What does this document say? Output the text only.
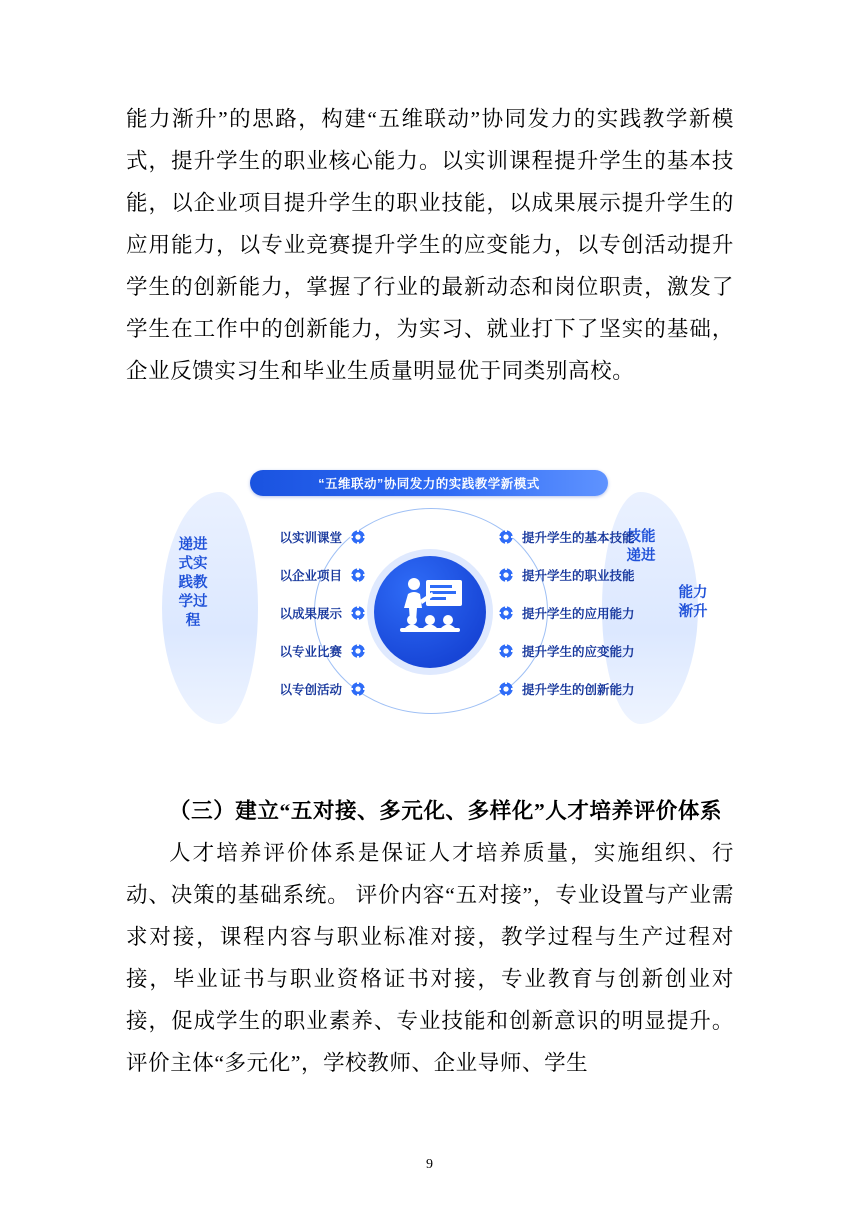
能力渐升”的思路，构建“五维联动”协同发力的实践教学新模式，提升学生的职业核心能力。以实训课程提升学生的基本技能，以企业项目提升学生的职业技能，以成果展示提升学生的应用能力，以专业竞赛提升学生的应变能力，以专创活动提升学生的创新能力，掌握了行业的最新动态和岗位职责，激发了学生在工作中的创新能力，为实习、就业打下了坚实的基础，企业反馈实习生和毕业生质量明显优于同类别高校。

“五维联动”协同发力的实践教学新模式
递进式实践教学过程
技能递进
能力渐升
以实训课堂
以企业项目
以成果展示
以专业比赛
以专创活动
提升学生的基本技能
提升学生的职业技能
提升学生的应用能力
提升学生的应变能力
提升学生的创新能力

（三）建立“五对接、多元化、多样化”人才培养评价体系

人才培养评价体系是保证人才培养质量，实施组织、行动、决策的基础系统。 评价内容“五对接”，专业设置与产业需求对接，课程内容与职业标准对接，教学过程与生产过程对接，毕业证书与职业资格证书对接，专业教育与创新创业对接，促成学生的职业素养、专业技能和创新意识的明显提升。评价主体“多元化”，学校教师、企业导师、学生

9
